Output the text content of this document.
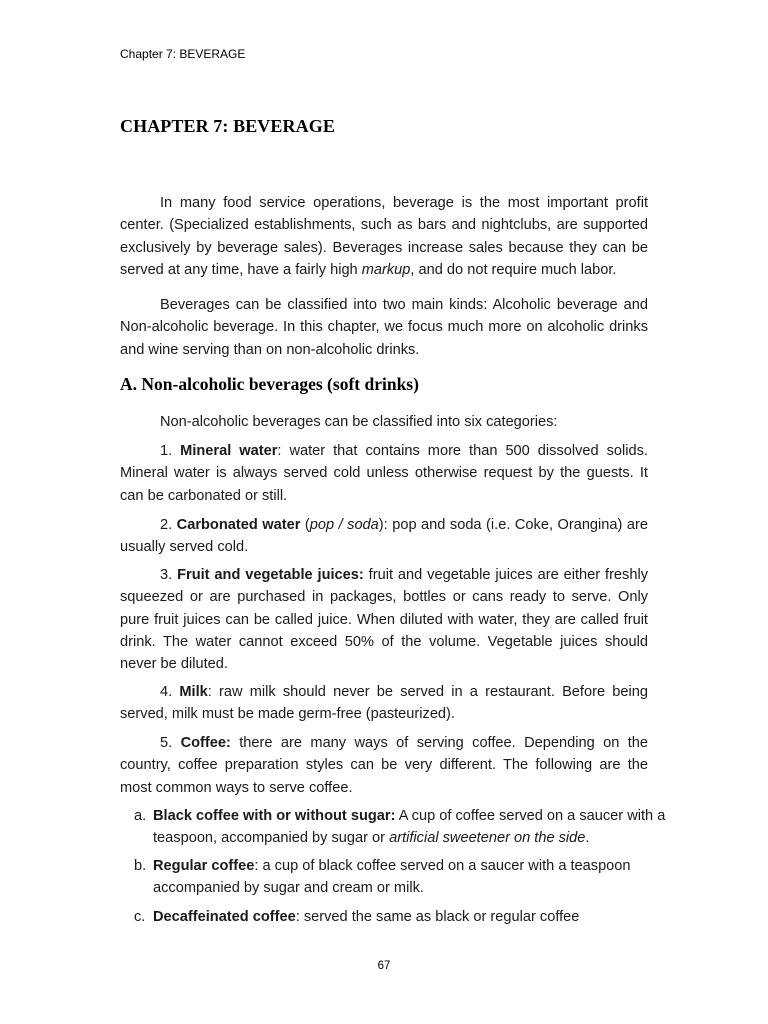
Chapter 7: BEVERAGE
CHAPTER 7: BEVERAGE
In many food service operations, beverage is the most important profit center. (Specialized establishments, such as bars and nightclubs, are supported exclusively by beverage sales). Beverages increase sales because they can be served at any time, have a fairly high markup, and do not require much labor.
Beverages can be classified into two main kinds: Alcoholic beverage and Non-alcoholic beverage. In this chapter, we focus much more on alcoholic drinks and wine serving than on non-alcoholic drinks.
A. Non-alcoholic beverages (soft drinks)
Non-alcoholic beverages can be classified into six categories:
1. Mineral water: water that contains more than 500 dissolved solids. Mineral water is always served cold unless otherwise request by the guests. It can be carbonated or still.
2. Carbonated water (pop / soda): pop and soda (i.e. Coke, Orangina) are usually served cold.
3. Fruit and vegetable juices: fruit and vegetable juices are either freshly squeezed or are purchased in packages, bottles or cans ready to serve. Only pure fruit juices can be called juice. When diluted with water, they are called fruit drink. The water cannot exceed 50% of the volume. Vegetable juices should never be diluted.
4. Milk: raw milk should never be served in a restaurant. Before being served, milk must be made germ-free (pasteurized).
5. Coffee: there are many ways of serving coffee. Depending on the country, coffee preparation styles can be very different. The following are the most common ways to serve coffee.
a. Black coffee with or without sugar: A cup of coffee served on a saucer with a teaspoon, accompanied by sugar or artificial sweetener on the side.
b. Regular coffee: a cup of black coffee served on a saucer with a teaspoon accompanied by sugar and cream or milk.
c. Decaffeinated coffee: served the same as black or regular coffee
67
